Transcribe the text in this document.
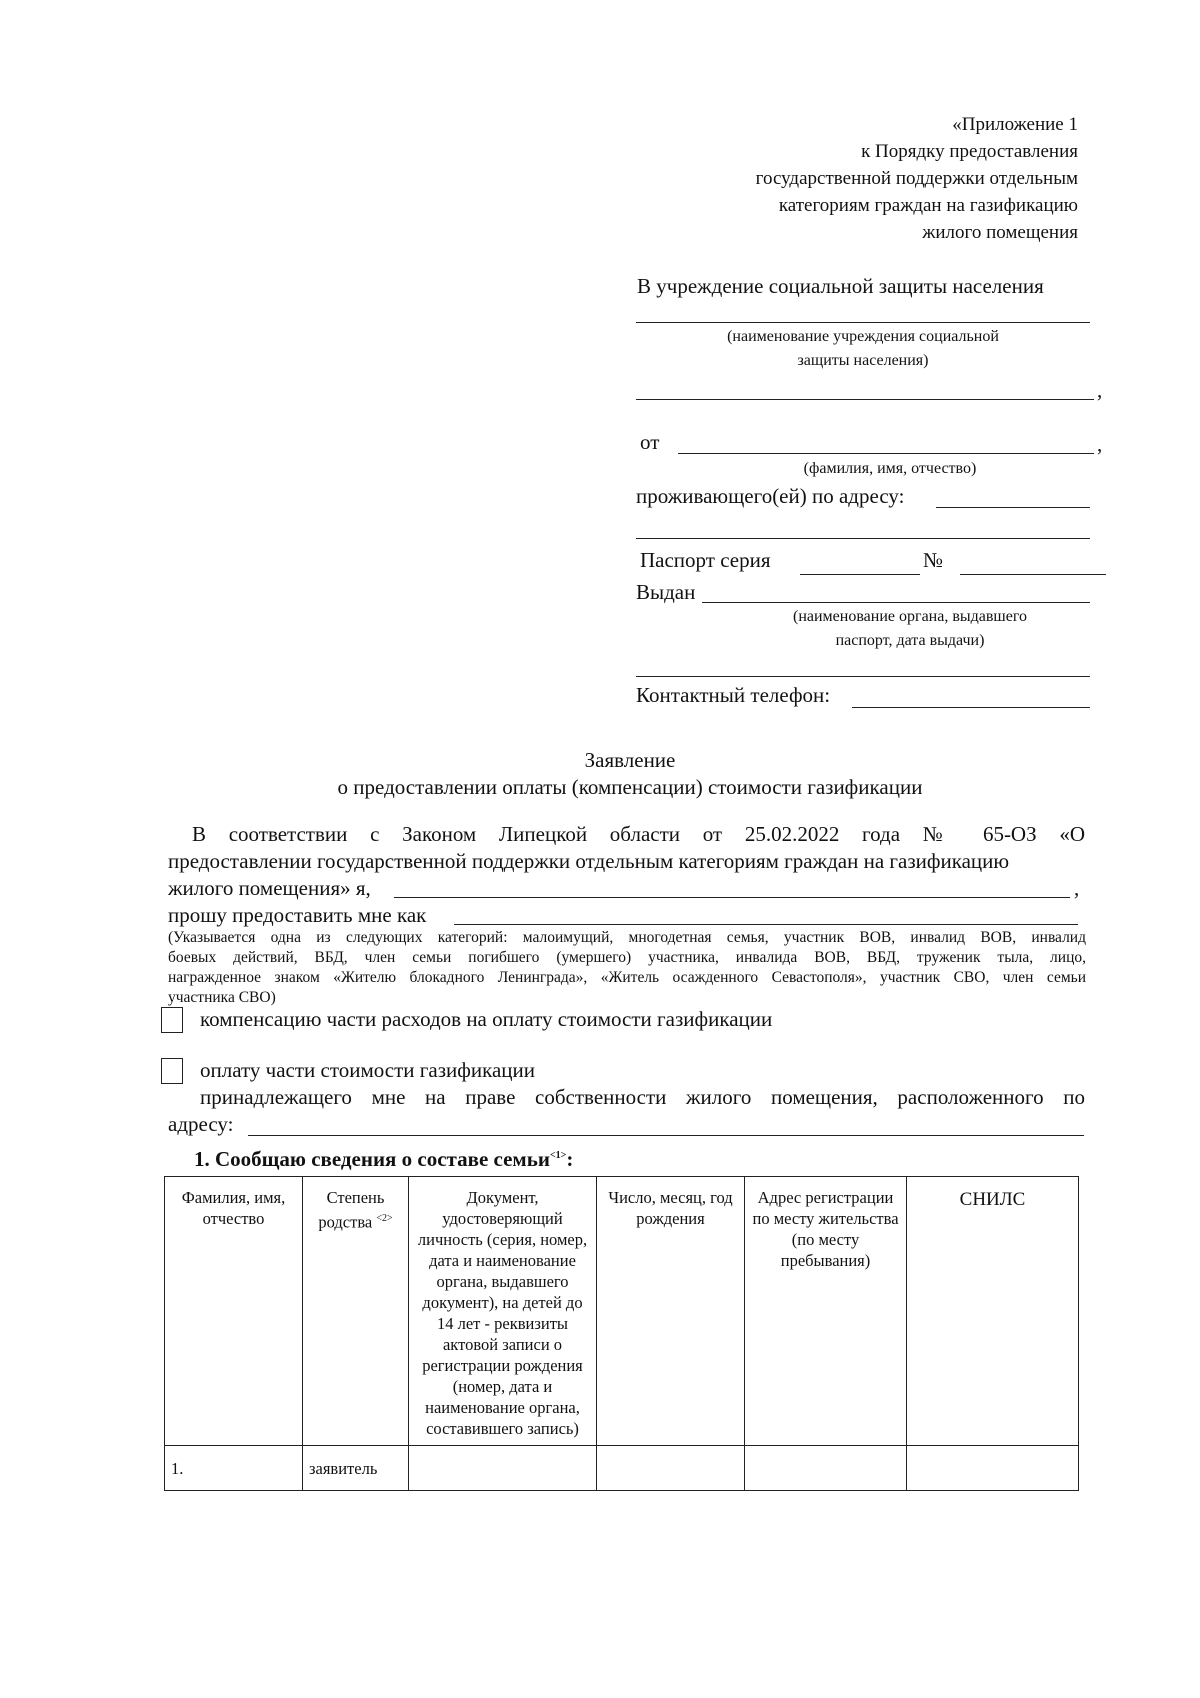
«Приложение 1
к Порядку предоставления
государственной поддержки отдельным
категориям граждан на газификацию
жилого помещения
В учреждение социальной защиты населения
(наименование учреждения социальной
защиты населения)
,
от	,
(фамилия, имя, отчество)
проживающего(ей) по адресу:
Паспорт серия	№
Выдан
(наименование органа, выдавшего
паспорт, дата выдачи)
Контактный телефон:
Заявление
о предоставлении оплаты (компенсации) стоимости газификации
В соответствии с Законом Липецкой области от 25.02.2022 года № 65-ОЗ «О
предоставлении государственной поддержки отдельным категориям граждан на газификацию
жилого помещения» я,	,
прошу предоставить мне как
(Указывается одна из следующих категорий: малоимущий, многодетная семья, участник ВОВ, инвалид ВОВ, инвалид
боевых действий, ВБД, член семьи погибшего (умершего) участника, инвалида ВОВ, ВБД, труженик тыла, лицо,
награжденное знаком «Жителю блокадного Ленинграда», «Житель осажденного Севастополя», участник СВО, член семьи
участника СВО)
компенсацию части расходов на оплату стоимости газификации
оплату части стоимости газификации
принадлежащего мне на праве собственности жилого помещения, расположенного по
адресу:
1. Сообщаю сведения о составе семьи$^{<1>}$:
Фамилия, имя, отчество	Степень родства $^{<2>}$	Документ, удостоверяющий личность (серия, номер, дата и наименование органа, выдавшего документ), на детей до 14 лет - реквизиты актовой записи о регистрации рождения (номер, дата и наименование органа, составившего запись)	Число, месяц, год рождения	Адрес регистрации по месту жительства (по месту пребывания)	СНИЛС
1.	заявитель				
